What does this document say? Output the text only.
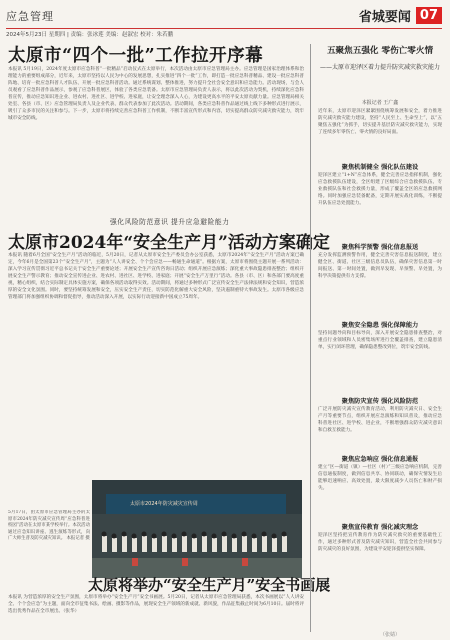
应急管理	省城要闻 07
2024年5月23日 星期四 | 责编：张冰莲 美编：赵淑宏 校对：朱若鹏
太原市“四个一批”工作拉开序幕
本报讯 5月19日，2024年度太原市应急科普“一批精品”启动仪式在太原举行，本次活动由太原市应急管理局主办。应急管理是国家治理体系和治理能力的重要组成部分，近年来，太原市坚持以人民为中心的发展思想，扎实推进“四个一批”工作，即打造一批应急科普精品、建设一批应急科普阵地、培育一批应急科普人才队伍、开展一批应急科普活动。通过系统谋划、整体推进，努力提升全社会安全意识和应急能力。活动现场，与会人员观看了应急科普作品展示，参观了应急科普展区，体验了各类应急装备。太原市应急管理局负责人表示，将以此次活动为契机，持续深化应急科普宣传，推动应急知识进企业、进农村、进社区、进学校、进家庭，让安全理念深入人心，为建设更高水平的平安太原贡献力量。应急管理局相关处室、各县（市、区）应急管理局负责人及企业代表、群众代表参加了此次活动。活动期间，各类应急科普作品通过线上线下多种形式进行展示，吸引了众多市民的关注和参与。下一步，太原市将持续完善应急科普工作机制，不断丰富宣传形式和内容，切实提高群众防灾减灾救灾能力，筑牢城市安全防线。
强化风险防范意识 提升应急避险能力
太原市2024年“安全生产月”活动方案确定
本报讯 随着6月全国“安全生产月”活动的临近，5月20日，记者从太原市安全生产委员会办公室获悉，太原市2024年“安全生产月”活动方案已确定，今年6月是全国第23个“安全生产月”，主题为“人人讲安全、个个会应急——畅通生命通道”。根据方案，太原市将围绕主题开展一系列活动：深入学习宣传贯彻习近平总书记关于安全生产重要论述；开展安全生产宣传咨询日活动；组织开展应急演练；深化重大事故隐患排查整治；组织开展安全生产警示教育；推动安全宣传进企业、进农村、进社区、进学校、进家庭；开展“安全生产万里行”活动。各县（市、区）和各部门要高度重视，精心组织，结合实际制定具体实施方案，确保各项活动取得实效。活动期间，将通过多种形式广泛宣传安全生产法律法规和安全知识，营造浓厚的安全文化氛围。同时，要坚持统筹发展和安全，压实安全生产责任，切实防范化解重大安全风险，坚决遏制重特大事故发生。太原市各级应急管理部门将加强组织协调和督促指导，推动活动深入开展，以实际行动迎接新中国成立75周年。
5月17日，由太原市应急管理局主办的太原市2024年防灾减灾宣传周“应急科普进校园”活动在太原市某学校举行。本次活动通过应急知识讲座、逃生演练等形式，向广大师生普及防灾减灾知识。 本报记者 摄
太原市2024年防灾减灾宣传周
太原将举办“安全生产月”安全书画展
本报讯 为营造浓厚的安全生产氛围，太原市将举办“安全生产月”安全书画展。5月20日，记者从太原市应急管理局获悉，本次书画展以“人人讲安全、个个会应急”为主题，面向全市征集书法、绘画、摄影等作品，展现安全生产领域的新成就、新风貌，作品征集截止时间为6月10日。届时将评选出优秀作品在全市展出。（张华）
五聚焦五强化 零伤亡零火情
——太原市迎泽区着力提升防灾减灾救灾能力
本报记者 王广鑫
近年来，太原市迎泽区紧紧围绕统筹发展和安全，着力推进防灾减灾救灾能力建设，坚持“人民至上、生命至上”，以“五聚焦五强化”为抓手，切实提升基层防灾减灾救灾能力，实现了连续多年零伤亡、零火情的良好局面。
聚焦机制健全 强化队伍建设
迎泽区建立“1+N”应急体系，健全完善应急指挥机制，强化应急救援队伍建设，全区组建了区级综合应急救援队伍、专业救援队伍和社会救援力量，形成了覆盖全区的应急救援网络。同时加强应急装备配备，定期开展实战化训练，不断提升队伍应急处置能力。
聚焦科学预警 强化信息报送
充分发挥监测预警作用，健全完善灾害信息报送制度，建立健全区、街道、社区三级信息员队伍，确保灾害信息第一时间报送、第一时间处置，做到早发现、早预警、早处置，为科学决策提供有力支撑。
聚焦安全隐患 强化保障能力
坚持问题导向和目标导向，深入开展安全隐患排查整治，对重点行业领域和人员密集场所进行全覆盖排查，建立隐患清单，实行闭环管理，确保隐患整改到位，筑牢安全防线。
聚焦防灾宣传 强化风险防范
广泛开展防灾减灾宣传教育活动，利用防灾减灾日、安全生产月等重要节点，组织开展应急演练和知识普及，推动应急科普进社区、进学校、进企业，不断增强群众防灾减灾意识和自救互救能力。
聚焦应急响应 强化信息通报
建立“区—街道（镇）—社区（村）”三级应急响应机制，完善信息通报制度，做到信息共享、协同联动，确保灾情发生后能够迅速响应、高效处置，最大限度减少人员伤亡和财产损失。
聚焦宣传教育 强化减灾理念
迎泽区坚持把宣传教育作为防灾减灾救灾的重要基础性工作，通过多种形式普及防灾减灾知识，营造全社会共同参与防灾减灾的良好氛围，为建设平安迎泽提供坚实保障。
（张婧）
